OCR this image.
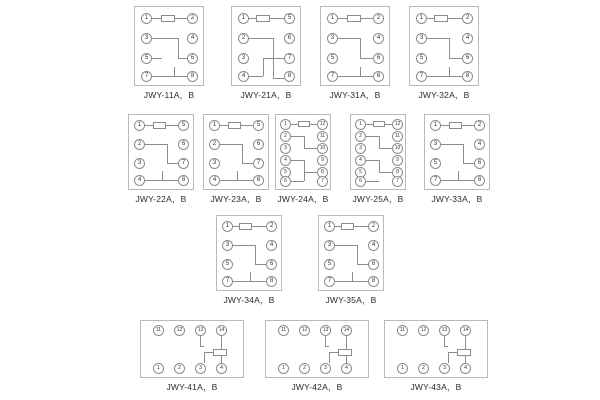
1
3
5
7
2
4
6
8
JWY-11A，B
1
2
3
4
5
6
7
8
JWY-21A，B
1
3
5
7
2
4
6
8
JWY-31A，B
1
3
5
7
2
4
6
8
JWY-32A，B
1
2
3
4
5
6
7
8
JWY-22A，B
1
2
3
4
5
6
7
8
JWY-23A，B
1
2
3
4
5
6
12
11
10
9
8
7
JWY-24A，B
1
2
3
4
5
6
12
11
10
9
8
7
JWY-25A，B
1
3
5
7
2
4
6
8
JWY-33A，B
1
3
5
7
2
4
6
8
JWY-34A，B
1
3
5
7
2
4
6
8
JWY-35A，B
11	12	13	14
1	2	3	4
JWY-41A，B
11	12	13	14
1	2	3	4
JWY-42A，B
11	12	13	14
1	2	3	4
JWY-43A，B
